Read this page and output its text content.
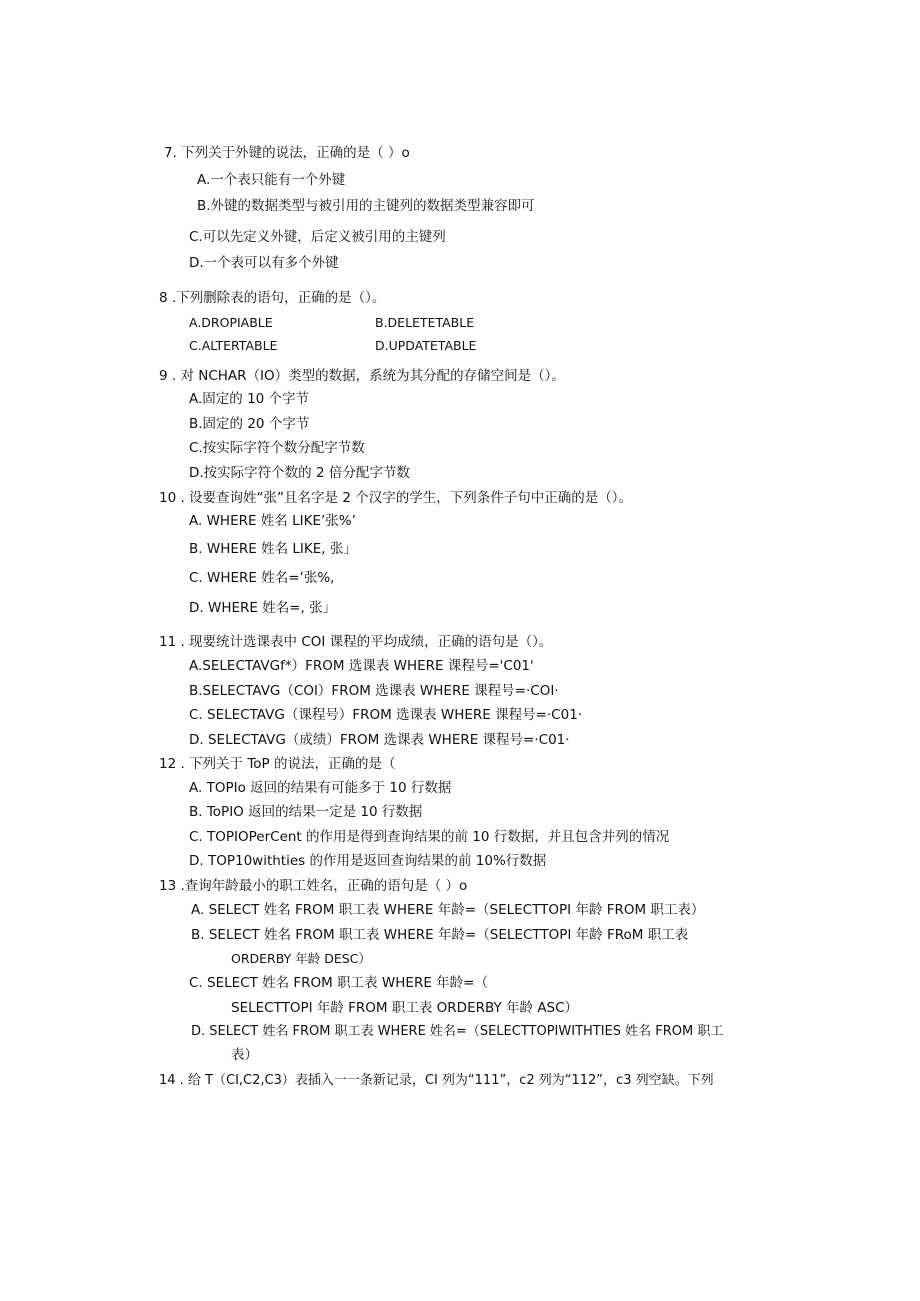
7. 下列关于外键的说法，正确的是（ ）o
A.一个表只能有一个外键
B.外键的数据类型与被引用的主键列的数据类型兼容即可
C.可以先定义外键，后定义被引用的主键列
D.一个表可以有多个外键
8 .下列删除表的语句，正确的是（）。
A.DROPIABLE	B.DELETETABLE
C.ALTERTABLE	D.UPDATETABLE
9 . 对 NCHAR（IO）类型的数据，系统为其分配的存储空间是（）。
A.固定的 10 个字节
B.固定的 20 个字节
C.按实际字符个数分配字节数
D.按实际字符个数的 2 倍分配字节数
10 . 设要查询姓“张”且名字是 2 个汉字的学生，下列条件子句中正确的是（）。
A. WHERE 姓名 LIKE’张%’
B. WHERE 姓名 LIKE, 张」
C. WHERE 姓名=’张%,
D. WHERE 姓名=, 张」
11 . 现要统计选课表中 COI 课程的平均成绩，正确的语句是（）。
A.SELECTAVGf*）FROM 选课表 WHERE 课程号='C01'
B.SELECTAVG（COI）FROM 选课表 WHERE 课程号=·COI·
C. SELECTAVG（课程号）FROM 选课表 WHERE 课程号=·C01·
D. SELECTAVG（成绩）FROM 选课表 WHERE 课程号=·C01·
12 . 下列关于 ToP 的说法，正确的是（
A. TOPIo 返回的结果有可能多于 10 行数据
B. ToPIO 返回的结果一定是 10 行数据
C. TOPIOPerCent 的作用是得到查询结果的前 10 行数据，并且包含并列的情况
D. TOP10withties 的作用是返回查询结果的前 10%行数据
13 .查询年龄最小的职工姓名，正确的语句是（ ）o
A. SELECT 姓名 FROM 职工表 WHERE 年龄=（SELECTTOPI 年龄 FROM 职工表）
B. SELECT 姓名 FROM 职工表 WHERE 年龄=（SELECTTOPI 年龄 FRoM 职工表
ORDERBY 年龄 DESC）
C. SELECT 姓名 FROM 职工表 WHERE 年龄=（
SELECTTOPI 年龄 FROM 职工表 ORDERBY 年龄 ASC）
D. SELECT 姓名 FROM 职工表 WHERE 姓名=（SELECTTOPIWITHTIES 姓名 FROM 职工
表）
14 . 给 T（CI,C2,C3）表插入一一条新记录，CI 列为“111”，c2 列为“112”，c3 列空缺。下列
